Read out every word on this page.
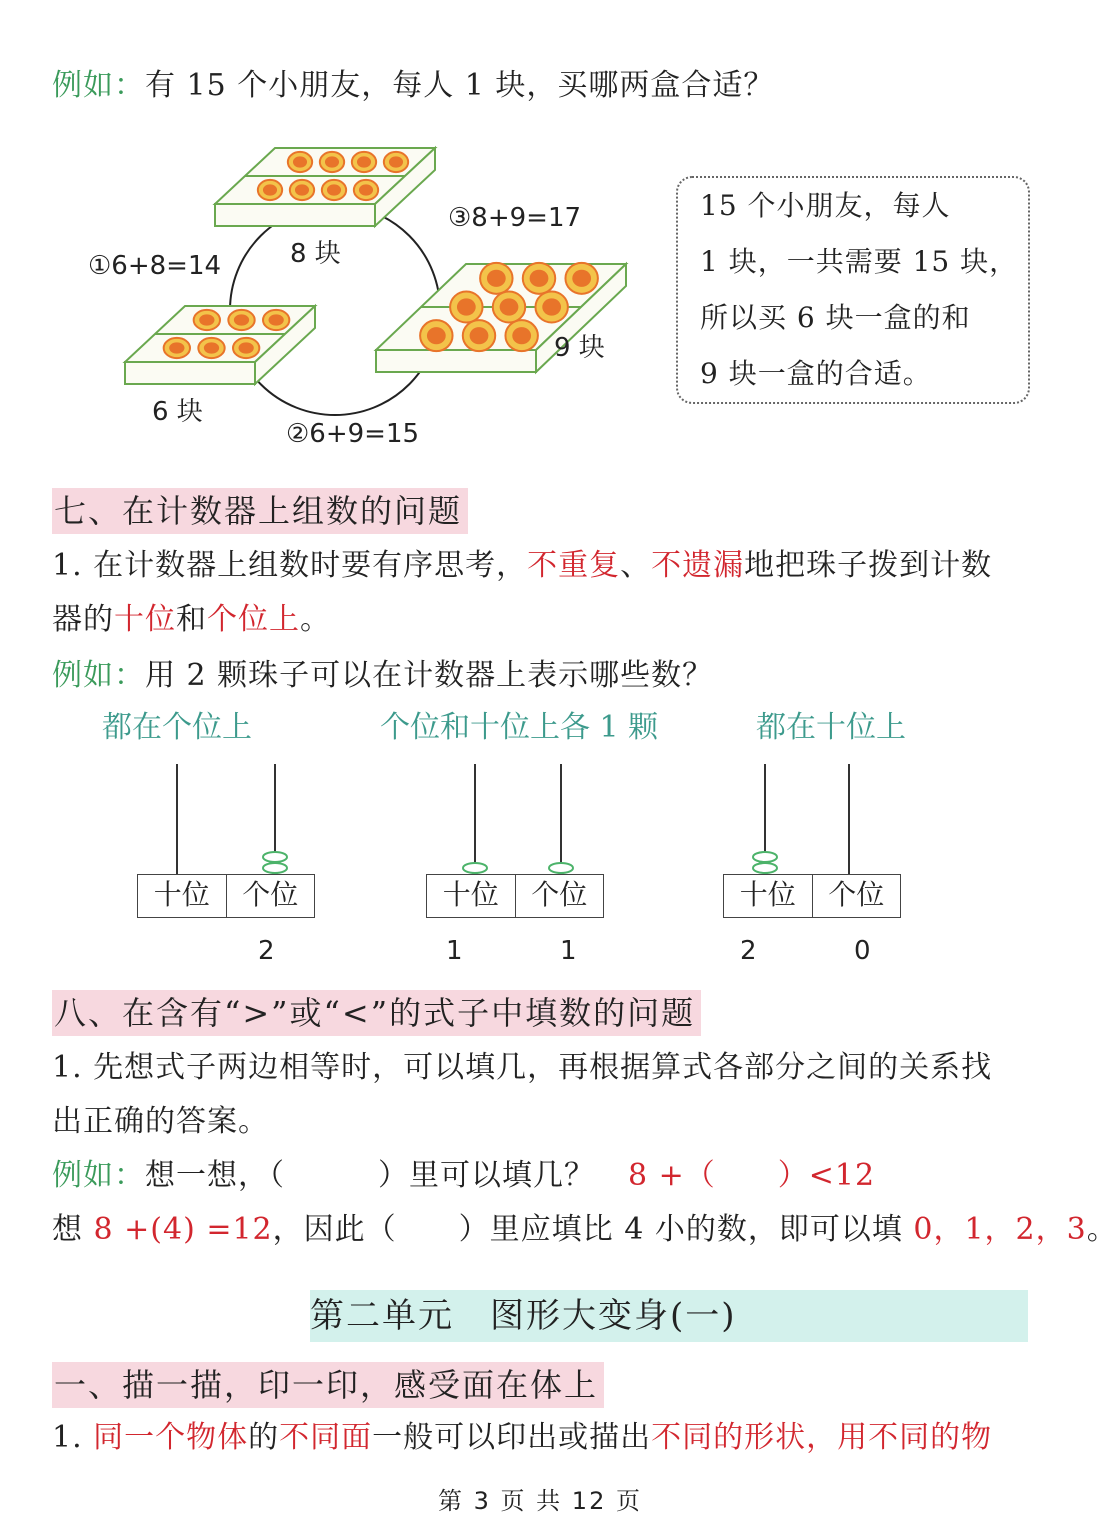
例如：有 15 个小朋友，每人 1 块，买哪两盒合适？
8 块
6 块
9 块
①6+8=14
②6+9=15
③8+9=17	15 个小朋友，每人
1 块，一共需要 15 块，
所以买 6 块一盒的和
9 块一盒的合适。
七、在计数器上组数的问题
1. 在计数器上组数时要有序思考，不重复、不遗漏地把珠子拨到计数
器的十位和个位上。
例如：用 2 颗珠子可以在计数器上表示哪些数？
都在个位上	个位和十位上各 1 颗	都在十位上
十位	个位
2
十位	个位
1	1
十位	个位
2	0
八、在含有“>”或“<”的式子中填数的问题
1. 先想式子两边相等时，可以填几，再根据算式各部分之间的关系找
出正确的答案。
例如：想一想，（　　　）里可以填几？ 8 +（　　）<12
想 8 +(4) =12，因此（　　）里应填比 4 小的数，即可以填 0，1，2，3。
第二单元　图形大变身(一)
一、描一描，印一印，感受面在体上
1. 同一个物体的不同面一般可以印出或描出不同的形状，用不同的物
第 3 页 共 12 页
